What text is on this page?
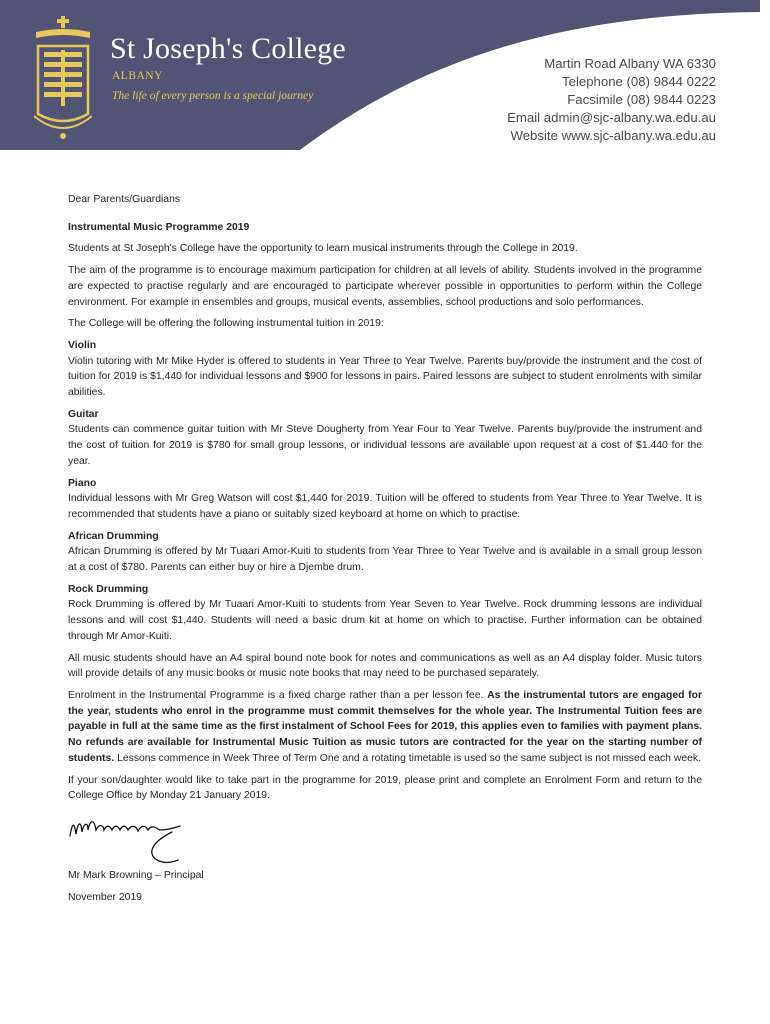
St Joseph's College
ALBANY
The life of every person is a special journey
Martin Road Albany WA 6330
Telephone (08) 9844 0222
Facsimile (08) 9844 0223
Email admin@sjc-albany.wa.edu.au
Website www.sjc-albany.wa.edu.au

Dear Parents/Guardians

Instrumental Music Programme 2019

Students at St Joseph's College have the opportunity to learn musical instruments through the College in 2019.

The aim of the programme is to encourage maximum participation for children at all levels of ability. Students involved in the programme are expected to practise regularly and are encouraged to participate wherever possible in opportunities to perform within the College environment. For example in ensembles and groups, musical events, assemblies, school productions and solo performances.

The College will be offering the following instrumental tuition in 2019:

Violin

Violin tutoring with Mr Mike Hyder is offered to students in Year Three to Year Twelve. Parents buy/provide the instrument and the cost of tuition for 2019 is $1,440 for individual lessons and $900 for lessons in pairs. Paired lessons are subject to student enrolments with similar abilities.

Guitar

Students can commence guitar tuition with Mr Steve Dougherty from Year Four to Year Twelve. Parents buy/provide the instrument and the cost of tuition for 2019 is $780 for small group lessons, or individual lessons are available upon request at a cost of $1.440 for the year.

Piano

Individual lessons with Mr Greg Watson will cost $1,440 for 2019. Tuition will be offered to students from Year Three to Year Twelve. It is recommended that students have a piano or suitably sized keyboard at home on which to practise.

African Drumming

African Drumming is offered by Mr Tuaari Amor-Kuiti to students from Year Three to Year Twelve and is available in a small group lesson at a cost of $780. Parents can either buy or hire a Djembe drum.

Rock Drumming

Rock Drumming is offered by Mr Tuaari Amor-Kuiti to students from Year Seven to Year Twelve. Rock drumming lessons are individual lessons and will cost $1,440. Students will need a basic drum kit at home on which to practise. Further information can be obtained through Mr Amor-Kuiti.

All music students should have an A4 spiral bound note book for notes and communications as well as an A4 display folder. Music tutors will provide details of any music books or music note books that may need to be purchased separately.

Enrolment in the Instrumental Programme is a fixed charge rather than a per lesson fee. As the instrumental tutors are engaged for the year, students who enrol in the programme must commit themselves for the whole year. The Instrumental Tuition fees are payable in full at the same time as the first instalment of School Fees for 2019, this applies even to families with payment plans. No refunds are available for Instrumental Music Tuition as music tutors are contracted for the year on the starting number of students. Lessons commence in Week Three of Term One and a rotating timetable is used so the same subject is not missed each week.

If your son/daughter would like to take part in the programme for 2019, please print and complete an Enrolment Form and return to the College Office by Monday 21 January 2019.

Mr Mark Browning – Principal

November 2019
